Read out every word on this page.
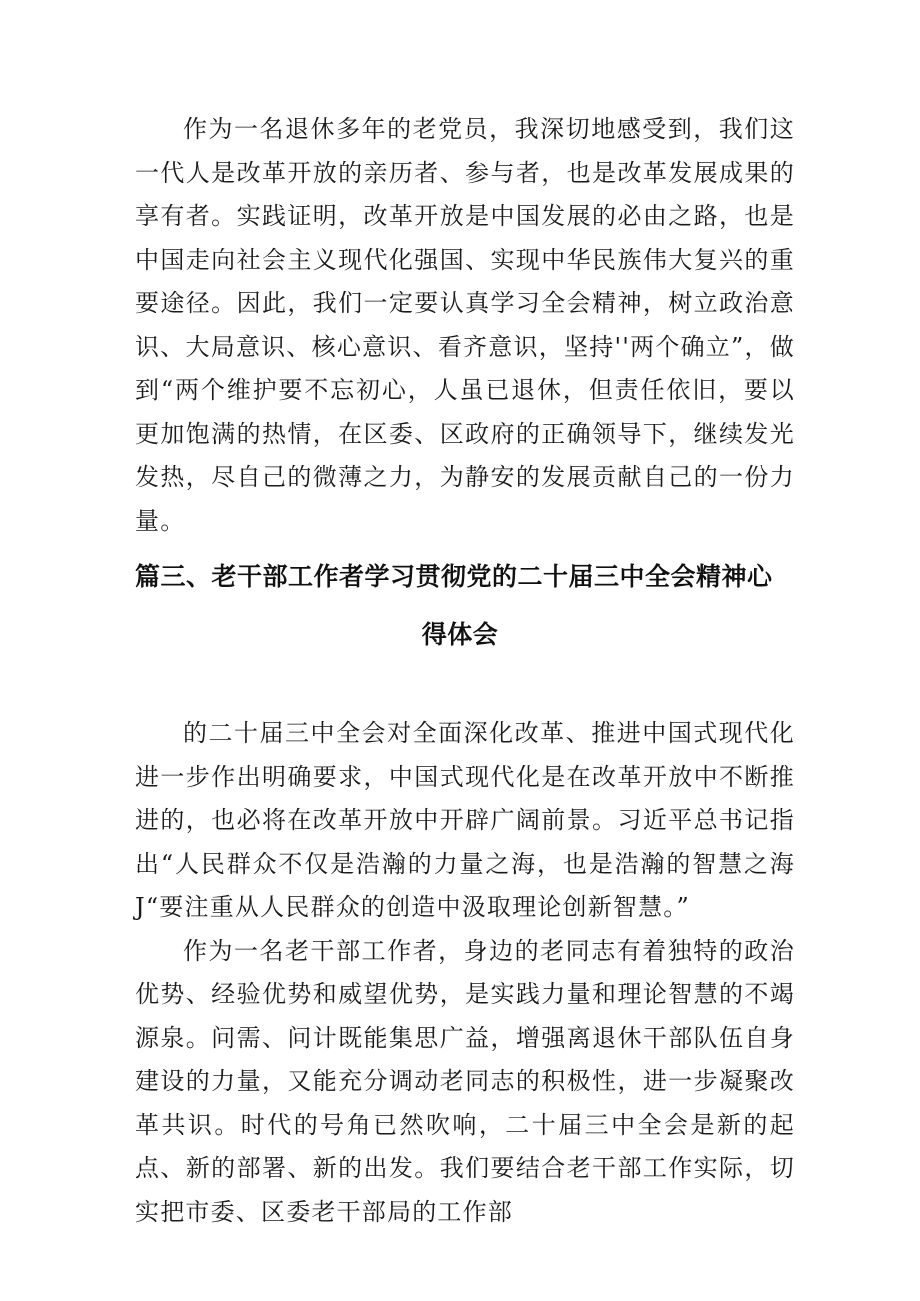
作为一名退休多年的老党员，我深切地感受到，我们这一代人是改革开放的亲历者、参与者，也是改革发展成果的享有者。实践证明，改革开放是中国发展的必由之路，也是中国走向社会主义现代化强国、实现中华民族伟大复兴的重要途径。因此，我们一定要认真学习全会精神，树立政治意识、大局意识、核心意识、看齐意识，坚持''两个确立”，做到“两个维护要不忘初心，人虽已退休，但责任依旧，要以更加饱满的热情，在区委、区政府的正确领导下，继续发光发热，尽自己的微薄之力，为静安的发展贡献自己的一份力量。

篇三、老干部工作者学习贯彻党的二十届三中全会精神心
得体会

的二十届三中全会对全面深化改革、推进中国式现代化进一步作出明确要求，中国式现代化是在改革开放中不断推进的，也必将在改革开放中开辟广阔前景。习近平总书记指出“人民群众不仅是浩瀚的力量之海，也是浩瀚的智慧之海J“要注重从人民群众的创造中汲取理论创新智慧。”

作为一名老干部工作者，身边的老同志有着独特的政治优势、经验优势和威望优势，是实践力量和理论智慧的不竭源泉。问需、问计既能集思广益，增强离退休干部队伍自身建设的力量，又能充分调动老同志的积极性，进一步凝聚改革共识。时代的号角已然吹响，二十届三中全会是新的起点、新的部署、新的出发。我们要结合老干部工作实际，切实把市委、区委老干部局的工作部
